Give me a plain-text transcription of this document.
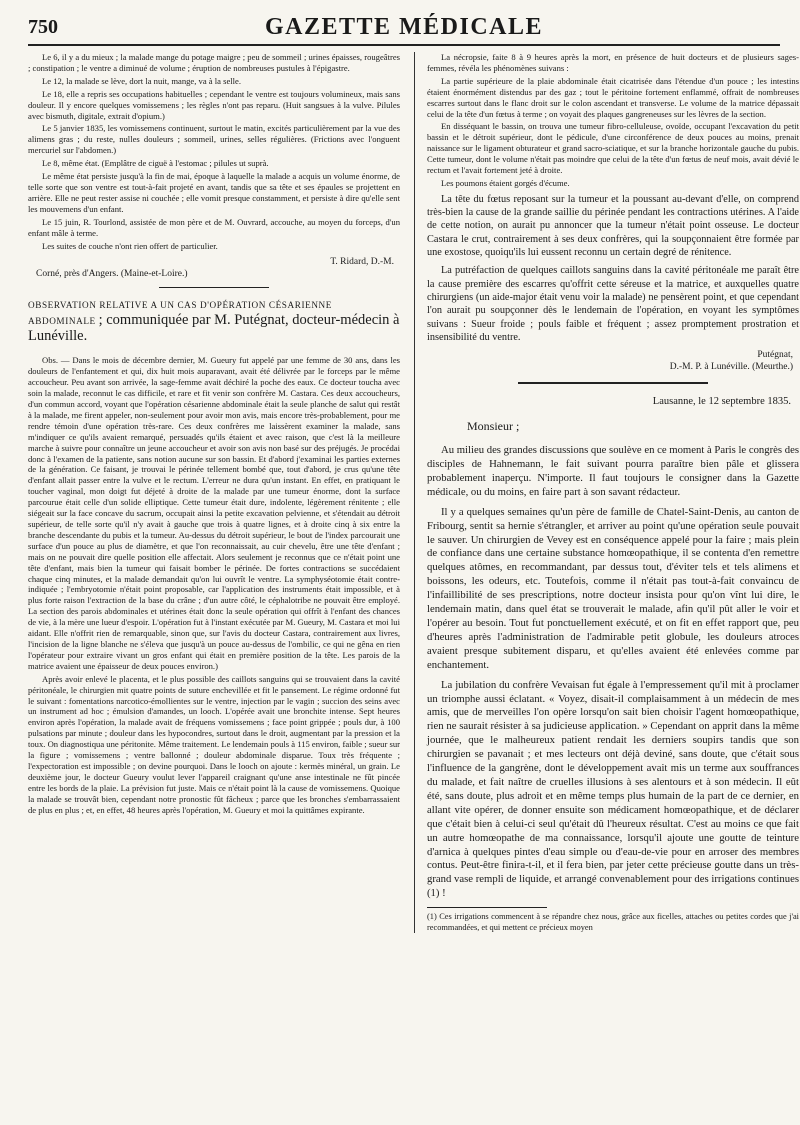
750	GAZETTE MÉDICALE

Le 6, il y a du mieux ; la malade mange du potage maigre ; peu de sommeil ; urines épaisses, rougeâtres ; constipation ; le ventre a diminué de volume ; éruption de nombreuses pustules à l'épigastre.

Le 12, la malade se lève, dort la nuit, mange, va à la selle.

Le 18, elle a repris ses occupations habituelles ; cependant le ventre est toujours volumineux, mais sans douleur. Il y encore quelques vomissemens ; les règles n'ont pas reparu. (Huit sangsues à la vulve. Pilules avec bismuth, digitale, extrait d'opium.)

Le 5 janvier 1835, les vomissemens continuent, surtout le matin, excités particulièrement par la vue des alimens gras ; du reste, nulles douleurs ; sommeil, urines, selles régulières. (Frictions avec l'onguent mercuriel sur l'abdomen.)

Le 8, même état. (Emplâtre de ciguë à l'estomac ; pilules ut suprà.

Le même état persiste jusqu'à la fin de mai, époque à laquelle la malade a acquis un volume énorme, de telle sorte que son ventre est tout-à-fait projeté en avant, tandis que sa tête et ses épaules se projettent en arrière. Elle ne peut rester assise ni couchée ; elle vomit presque constamment, et persiste à dire qu'elle sent les mouvemens d'un enfant.

Le 15 juin, R. Tourlond, assistée de mon père et de M. Ouvrard, accouche, au moyen du forceps, d'un enfant mâle à terme.

Les suites de couche n'ont rien offert de particulier.

T. Ridard, D.-M.
Corné, près d'Angers. (Maine-et-Loire.)
OBSERVATION RELATIVE A UN CAS D'OPÉRATION CÉSARIENNE ABDOMINALE ; communiquée par M. Putégnat, docteur-médecin à Lunéville.

Obs. — Dans le mois de décembre dernier, M. Gueury fut appelé par une femme de 30 ans, dans les douleurs de l'enfantement et qui, dix huit mois auparavant, avait été délivrée par le forceps par le même accoucheur. Peu avant son arrivée, la sage-femme avait déchiré la poche des eaux. Ce docteur toucha avec soin la malade, reconnut le cas difficile, et rare et fit venir son confrère M. Castara. Ces deux accoucheurs, d'un commun accord, voyant que l'opération césarienne abdominale était la seule planche de salut qui restât à la malade, me firent appeler, non-seulement pour avoir mon avis, mais encore très-probablement, pour me rendre témoin d'une opération très-rare. Ces deux confrères me laissèrent examiner la malade, sans m'indiquer ce qu'ils avaient remarqué, persuadés qu'ils étaient et avec raison, que c'est là la meilleure marche à suivre pour connaître un jeune accoucheur et avoir son avis non basé sur des préjugés. Je procédai donc à l'examen de la patiente, sans notion aucune sur son bassin. Et d'abord j'examinai les parties externes de la génération. Ce faisant, je trouvai le périnée tellement bombé que, tout d'abord, je crus qu'une tête d'enfant allait passer entre la vulve et le rectum. L'erreur ne dura qu'un instant. En effet, en pratiquant le toucher vaginal, mon doigt fut déjeté à droite de la malade par une tumeur énorme, dont la surface parcourue était celle d'un solide elliptique. Cette tumeur était dure, indolente, légèrement rénitente ; elle siégeait sur la face concave du sacrum, occupait ainsi la petite excavation pelvienne, et s'étendait au détroit supérieur, de telle sorte qu'il n'y avait à gauche que trois à quatre lignes, et à droite cinq à six entre la branche descendante du pubis et la tumeur. Au-dessus du détroit supérieur, le bout de l'index parcourait une surface d'un pouce au plus de diamètre, et que l'on reconnaissait, au cuir chevelu, être une tête d'enfant ; mais on ne pouvait dire quelle position elle affectait. Alors seulement je reconnus que ce n'était point une tête d'enfant, mais bien la tumeur qui faisait bomber le périnée. De fortes contractions se succédaient chaque cinq minutes, et la malade demandait qu'on lui ouvrît le ventre. La symphyséotomie était contre-indiquée ; l'embryotomie n'était point proposable, car l'application des instruments était impossible, et à plus forte raison l'extraction de la base du crâne ; d'un autre côté, le céphalotribe ne pouvait être employé. La section des parois abdominales et utérines était donc la seule opération qui offrît à l'enfant des chances de vie, à la mère une lueur d'espoir. L'opération fut à l'instant exécutée par M. Gueury, M. Castara et moi lui aidant. Elle n'offrit rien de remarquable, sinon que, sur l'avis du docteur Castara, contrairement aux livres, l'incision de la ligne blanche ne s'éleva que jusqu'à un pouce au-dessus de l'ombilic, ce qui ne gêna en rien l'opérateur pour extraire vivant un gros enfant qui était en première position de la tête. Les parois de la matrice avaient une épaisseur de deux pouces environ.)

Après avoir enlevé le placenta, et le plus possible des caillots sanguins qui se trouvaient dans la cavité péritonéale, le chirurgien mit quatre points de suture enchevillée et fit le pansement. Le régime ordonné fut le suivant : fomentations narcotico-émollientes sur le ventre, injection par le vagin ; succion des seins avec un instrument ad hoc ; émulsion d'amandes, un looch. L'opérée avait une bronchite intense. Sept heures environ après l'opération, la malade avait de fréquens vomissemens ; face point grippée ; pouls dur, à 100 pulsations par minute ; douleur dans les hypocondres, surtout dans le droit, augmentant par la pression et la toux. On diagnostiqua une péritonite. Même traitement. Le lendemain pouls à 115 environ, faible ; sueur sur la figure ; vomissemens ; ventre ballonné ; douleur abdominale disparue. Toux très fréquente ; l'expectoration est impossible ; on devine pourquoi. Dans le looch on ajoute : kermès minéral, un grain. Le deuxième jour, le docteur Gueury voulut lever l'appareil craignant qu'une anse intestinale ne fût pincée entre les bords de la plaie. La prévision fut juste. Mais ce n'était point là la cause de vomissemens. Quoique la malade se trouvât bien, cependant notre pronostic fût fâcheux ; parce que les bronches s'embarrassaient de plus en plus ; et, en effet, 48 heures après l'opération, M. Gueury et moi la quittâmes expirante.

La nécropsie, faite 8 à 9 heures après la mort, en présence de huit docteurs et de plusieurs sages-femmes, révéla les phénomènes suivans :

La partie supérieure de la plaie abdominale était cicatrisée dans l'étendue d'un pouce ; les intestins étaient énormément distendus par des gaz ; tout le péritoine fortement enflammé, offrait de nombreuses escarres surtout dans le flanc droit sur le colon ascendant et transverse. Le volume de la matrice dépassait celui de la tête d'un fœtus à terme ; on voyait des plaques gangreneuses sur les lèvres de la section.

En disséquant le bassin, on trouva une tumeur fibro-celluleuse, ovoïde, occupant l'excavation du petit bassin et le détroit supérieur, dont le pédicule, d'une circonférence de deux pouces au moins, prenait naissance sur le ligament obturateur et grand sacro-sciatique, et sur la branche horizontale gauche du pubis. Cette tumeur, dont le volume n'était pas moindre que celui de la tête d'un fœtus de neuf mois, avait dévié le rectum et l'avait fortement jeté à droite.

Les poumons étaient gorgés d'écume.

La tête du fœtus reposant sur la tumeur et la poussant au-devant d'elle, on comprend très-bien la cause de la grande saillie du périnée pendant les contractions utérines. A l'aide de cette notion, on aurait pu annoncer que la tumeur n'était point osseuse. Le docteur Castara le crut, contrairement à ses deux confrères, qui la soupçonnaient être formée par une exostose, quoiqu'ils lui eussent reconnu un certain degré de rénitence.

La putréfaction de quelques caillots sanguins dans la cavité péritonéale me paraît être la cause première des escarres qu'offrit cette séreuse et la matrice, et auxquelles quatre chirurgiens (un aide-major était venu voir la malade) ne pensèrent point, et que cependant l'on aurait pu soupçonner dès le lendemain de l'opération, en voyant les symptômes suivans : Sueur froide ; pouls faible et fréquent ; assez promptement prostration et insensibilité du ventre.

Putégnat,
D.-M. P. à Lunéville. (Meurthe.)
Lausanne, le 12 septembre 1835.
Monsieur ;

Au milieu des grandes discussions que soulève en ce moment à Paris le congrès des disciples de Hahnemann, le fait suivant pourra paraître bien pâle et glissera probablement inaperçu. N'importe. Il faut toujours le consigner dans la Gazette médicale, ou du moins, en faire part à son savant rédacteur.

Il y a quelques semaines qu'un père de famille de Chatel-Saint-Denis, au canton de Fribourg, sentit sa hernie s'étrangler, et arriver au point qu'une opération seule pouvait le sauver. Un chirurgien de Vevey est en conséquence appelé pour la faire ; mais plein de confiance dans une certaine substance homœopathique, il se contenta d'en remettre quelques atômes, en recommandant, par dessus tout, d'éviter tels et tels alimens et boissons, les odeurs, etc. Toutefois, comme il n'était pas tout-à-fait convaincu de l'infaillibilité de ses prescriptions, notre docteur insista pour qu'on vînt lui dire, le lendemain matin, dans quel état se trouverait le malade, afin qu'il pût aller le voir et l'opérer au besoin. Tout fut ponctuellement exécuté, et on fit en effet rapport que, peu d'heures après l'administration de l'admirable petit globule, les douleurs atroces avaient presque subitement disparu, et qu'elles avaient été enlevées comme par enchantement.

La jubilation du confrère Vevaisan fut égale à l'empressement qu'il mit à proclamer un triomphe aussi éclatant. « Voyez, disait-il complaisamment à un médecin de mes amis, que de merveilles l'on opère lorsqu'on sait bien choisir l'agent homœopathique, rien ne saurait résister à sa judicieuse application. » Cependant on apprit dans la même journée, que le malheureux patient rendait les derniers soupirs tandis que son chirurgien se pavanait ; et mes lecteurs ont déjà deviné, sans doute, que c'était sous l'influence de la gangrène, dont le développement avait mis un terme aux souffrances du malade, et fait naître de cruelles illusions à ses alentours et à son médecin. Il eût été, sans doute, plus adroit et en même temps plus humain de la part de ce dernier, en allant vite opérer, de donner ensuite son médicament homœopathique, et de déclarer que c'était bien à celui-ci seul qu'était dû l'heureux résultat. C'est au moins ce que fait un autre homœopathe de ma connaissance, lorsqu'il ajoute une goutte de teinture d'arnica à quelques pintes d'eau simple ou d'eau-de-vie pour en arroser des membres contus. Peut-être finira-t-il, et il fera bien, par jeter cette précieuse goutte dans un très-grand vase rempli de liquide, et arrangé convenablement pour des irrigations continues (1) !

(1) Ces irrigations commencent à se répandre chez nous, grâce aux ficelles, attaches ou petites cordes que j'ai recommandées, et qui mettent ce précieux moyen
